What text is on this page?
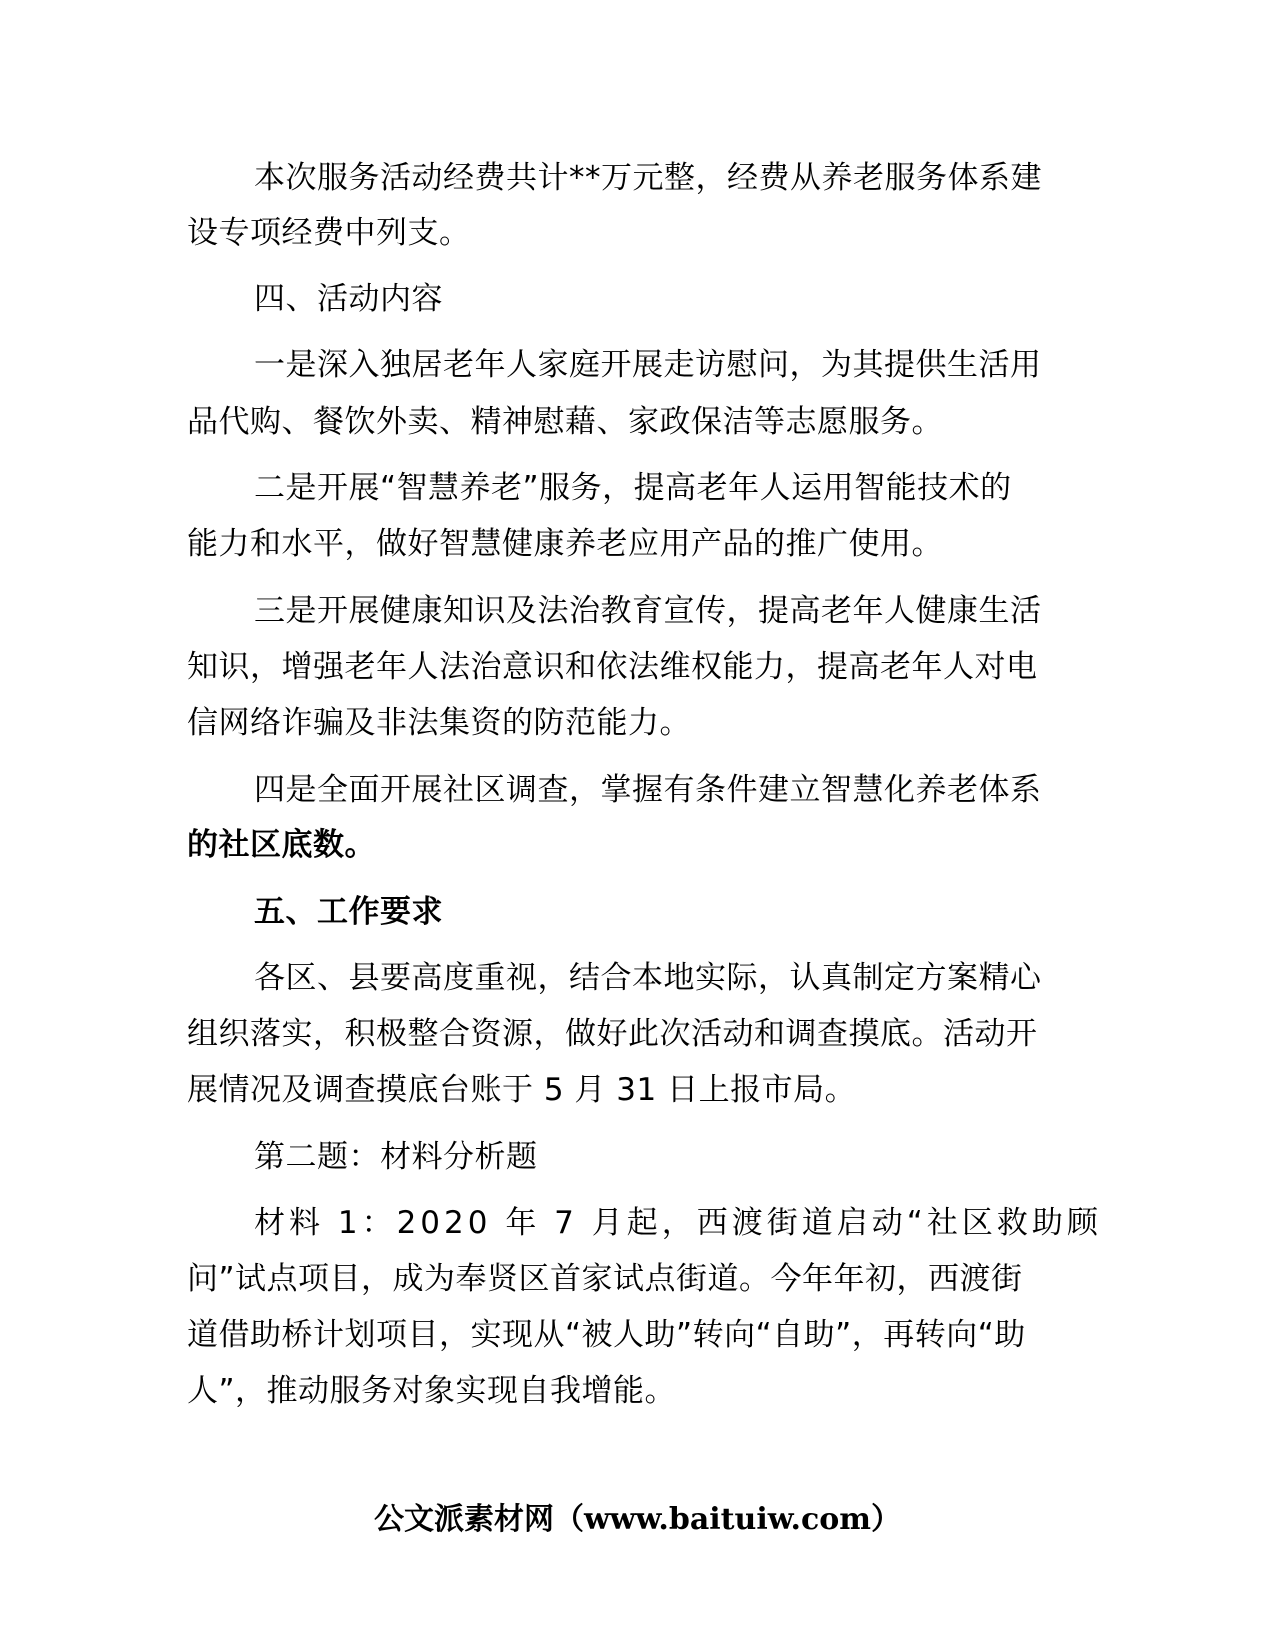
本次服务活动经费共计**万元整，经费从养老服务体系建
设专项经费中列支。
四、活动内容
一是深入独居老年人家庭开展走访慰问，为其提供生活用
品代购、餐饮外卖、精神慰藉、家政保洁等志愿服务。
二是开展“智慧养老”服务，提高老年人运用智能技术的
能力和水平，做好智慧健康养老应用产品的推广使用。
三是开展健康知识及法治教育宣传，提高老年人健康生活
知识，增强老年人法治意识和依法维权能力，提高老年人对电
信网络诈骗及非法集资的防范能力。
四是全面开展社区调查，掌握有条件建立智慧化养老体系
的社区底数。
五、工作要求
各区、县要高度重视，结合本地实际，认真制定方案精心
组织落实，积极整合资源，做好此次活动和调查摸底。活动开
展情况及调查摸底台账于 5 月 31 日上报市局。
第二题：材料分析题
材料 1：2020 年 7 月起，西渡街道启动“社区救助顾
问”试点项目，成为奉贤区首家试点街道。今年年初，西渡街
道借助桥计划项目，实现从“被人助”转向“自助”，再转向“助
人”，推动服务对象实现自我增能。
公文派素材网（www.baituiw.com）
